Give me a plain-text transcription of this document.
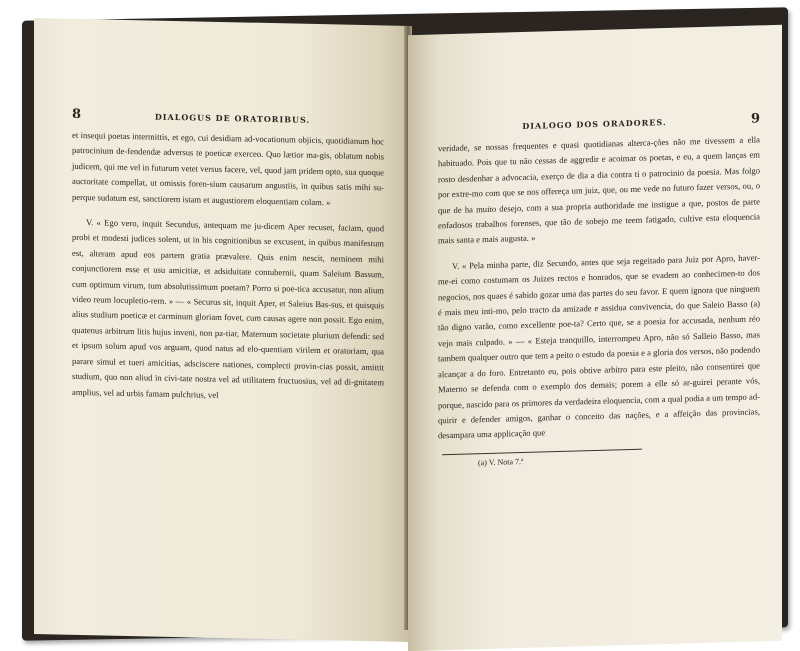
8	DIALOGUS DE ORATORIBUS.

et insequi poetas intermittis, et ego, cui desidiam ad-vocationum objicis, quotidianum hoc patrocinium de-fendendæ adversus te poeticæ exerceo. Quo lætior ma-gis, oblatum nobis judicem, qui me vel in futurum vetet versus facere, vel, quod jam pridem opto, sua quoque auctoritate compellat, ut omissis foren-sium causarum angustiis, in quibus satis mihi su-perque sudatum est, sanctiorem istam et augustiorem eloquentiam colam. »

V. « Ego vero, inquit Secundus, antequam me ju-dicem Aper recuset, faciam, quod probi et modesti judices solent, ut in his cognitionibus se excusent, in quibus manifestum est, alteram apud eos partem gratia prævalere. Quis enim nescit, neminem mihi conjunctiorem esse et usu amicitiæ, et adsiduitate contubernii, quam Saleium Bassum, cum optimum virum, tum absolutissimum poetam? Porro si poe-tica accusatur, non alium video reum locupletio-rem. » — « Securus sit, inquit Aper, et Saleius Bas-sus, et quisquis alius studium poeticæ et carminum gloriam fovet, cum causas agere non possit. Ego enim, quatenus arbitrum litis hujus inveni, non pa-tiar, Maternum societate plurium defendi: sed et ipsum solum apud vos arguam, quod natus ad elo-quentiam virilem et oratoriam, qua parare simul et tueri amicitias, adsciscere nationes, complecti provin-cias possit, amittit studium, quo non aliud in civi-tate nostra vel ad utilitatem fructuosius, vel ad di-gnitatem amplius, vel ad urbis famam pulchrius, vel

DIALOGO DOS ORADORES.	9

veridade, se nossas frequentes e quasi quotidianas alterca-ções não me tivessem a ella habituado. Pois que tu não cessas de aggredir e acoimar os poetas, e eu, a quem lanças em rosto desdenhar a advocacia, exerço de dia a dia contra ti o patrocinio da poesia. Mas folgo por extre-mo com que se nos offereça um juiz, que, ou me vede no futuro fazer versos, ou, o que de ha muito desejo, com a sua propria authoridade me instigue a que, postos de parte enfadosos trabalhos forenses, que tão de sobejo me teem fatigado, cultive esta eloquencia mais santa e mais augusta. »

V. « Pela minha parte, diz Secundo, antes que seja regeitado para Juiz por Apro, haver-me-ei como costumam os Juizes rectos e honrados, que se evadem ao conhecimen-to dos negocios, nos quaes é sabido gozar uma das partes do seu favor. E quem ignora que ninguem é mais meu inti-mo, pelo tracto da amizade e assidua convivencia, do que Saleio Basso (a) tão digno varão, como excellente poe-ta? Certo que, se a poesia for accusada, nenhum réo vejo mais culpado. » — « Esteja tranquillo, interrompeu Apro, não só Salleio Basso, mas tambem qualquer outro que tem a peito o estudo da poesia e a gloria dos versos, não podendo alcançar a do foro. Entretanto eu, pois obtive arbitro para este pleito, não consentirei que Materno se defenda com o exemplo dos demais; porem a elle só ar-guirei perante vós, porque, nascido para os primores da verdadeira eloquencia, com a qual podia a um tempo ad-quirir e defender amigos, ganhar o conceito das nações, e a affeição das provincias, desampara uma applicação que

(a) V. Nota 7.ª
